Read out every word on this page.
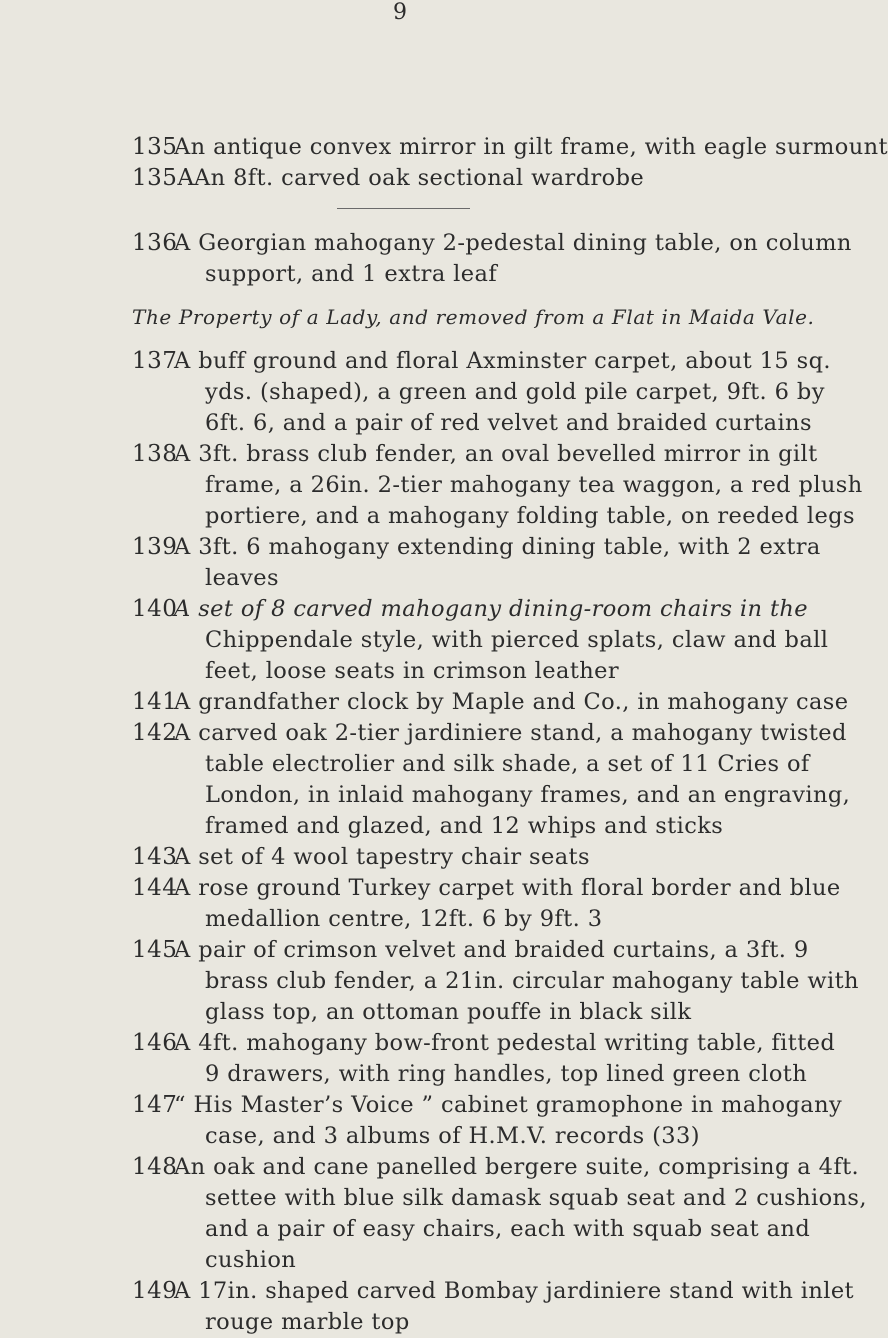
9
135
An antique convex mirror in gilt frame, with eagle surmount
135A An 8ft. carved oak sectional wardrobe
136
A Georgian mahogany 2-pedestal dining table, on column
support, and 1 extra leaf
The Property of a Lady, and removed from a Flat in Maida Vale.
137
A buff ground and floral Axminster carpet, about 15 sq.
yds. (shaped), a green and gold pile carpet, 9ft. 6 by
6ft. 6, and a pair of red velvet and braided curtains
138
A 3ft. brass club fender, an oval bevelled mirror in gilt
frame, a 26in. 2-tier mahogany tea waggon, a red plush
portiere, and a mahogany folding table, on reeded legs
139
A 3ft. 6 mahogany extending dining table, with 2 extra
leaves
140
A set of 8 carved mahogany dining-room chairs in the
Chippendale style, with pierced splats, claw and ball
feet, loose seats in crimson leather
141
A grandfather clock by Maple and Co., in mahogany case
142
A carved oak 2-tier jardiniere stand, a mahogany twisted
table electrolier and silk shade, a set of 11 Cries of
London, in inlaid mahogany frames, and an engraving,
framed and glazed, and 12 whips and sticks
143
A set of 4 wool tapestry chair seats
144
A rose ground Turkey carpet with floral border and blue
medallion centre, 12ft. 6 by 9ft. 3
145
A pair of crimson velvet and braided curtains, a 3ft. 9
brass club fender, a 21in. circular mahogany table with
glass top, an ottoman pouffe in black silk
146
A 4ft. mahogany bow-front pedestal writing table, fitted
9 drawers, with ring handles, top lined green cloth
147
“ His Master’s Voice ” cabinet gramophone in mahogany
case, and 3 albums of H.M.V. records (33)
148
An oak and cane panelled bergere suite, comprising a 4ft.
settee with blue silk damask squab seat and 2 cushions,
and a pair of easy chairs, each with squab seat and
cushion
149
A 17in. shaped carved Bombay jardiniere stand with inlet
rouge marble top
